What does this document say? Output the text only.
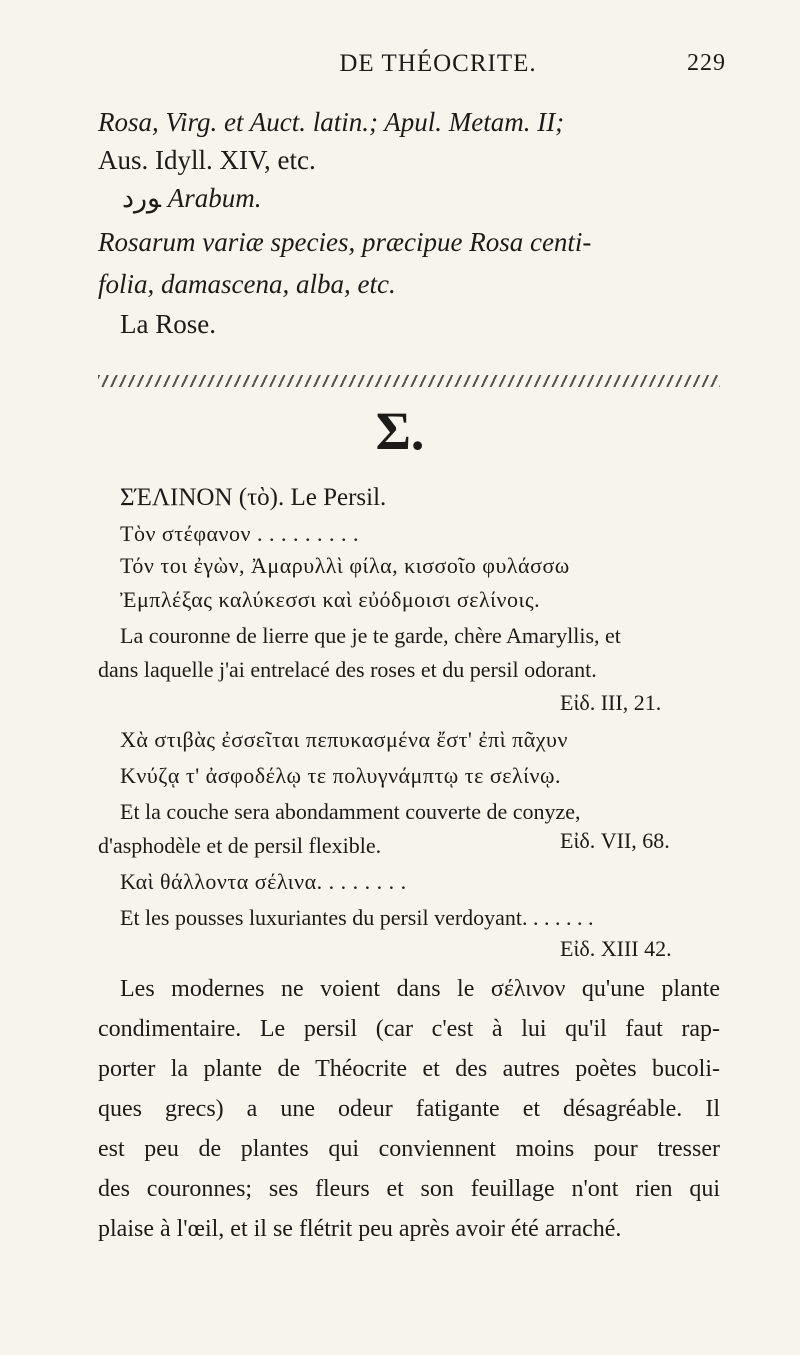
DE THÉOCRITE.	229
Rosa, Virg. et Auct. latin.; Apul. Metam. II;
Aus. Idyll. XIV, etc.
ﻮﺭﺩ Arabum.
Rosarum variæ species, præcipue Rosa centi-
folia, damascena, alba, etc.
La Rose.
Σ.
ΣΈΛΙΝΟΝ (τὸ). Le Persil.
Τὸν στέφανον . . . . . . . . .
Τόν τοι ἐγὼν, Ἀμαρυλλὶ φίλα, κισσοῖο φυλάσσω
Ἐμπλέξας καλύκεσσι καὶ εὐόδμοισι σελίνοις.
La couronne de lierre que je te garde, chère Amaryllis, et
dans laquelle j'ai entrelacé des roses et du persil odorant.
Εἰδ. III, 21.
Χὰ στιβὰς ἐσσεῖται πεπυκασμένα ἔστ' ἐπὶ πᾶχυν
Κνύζᾳ τ' ἀσφοδέλῳ τε πολυγνάμπτῳ τε σελίνῳ.
Et la couche sera abondamment couverte de conyze,
d'asphodèle et de persil flexible.	Εἰδ. VII, 68.
Καὶ θάλλοντα σέλινα. . . . . . . .
Et les pousses luxuriantes du persil verdoyant. . . . . . .
Εἰδ. XIII 42.
Les modernes ne voient dans le σέλινον qu'une plante
condimentaire. Le persil (car c'est à lui qu'il faut rap-
porter la plante de Théocrite et des autres poètes bucoli-
ques grecs) a une odeur fatigante et désagréable. Il
est peu de plantes qui conviennent moins pour tresser
des couronnes; ses fleurs et son feuillage n'ont rien qui
plaise à l'œil, et il se flétrit peu après avoir été arraché.
